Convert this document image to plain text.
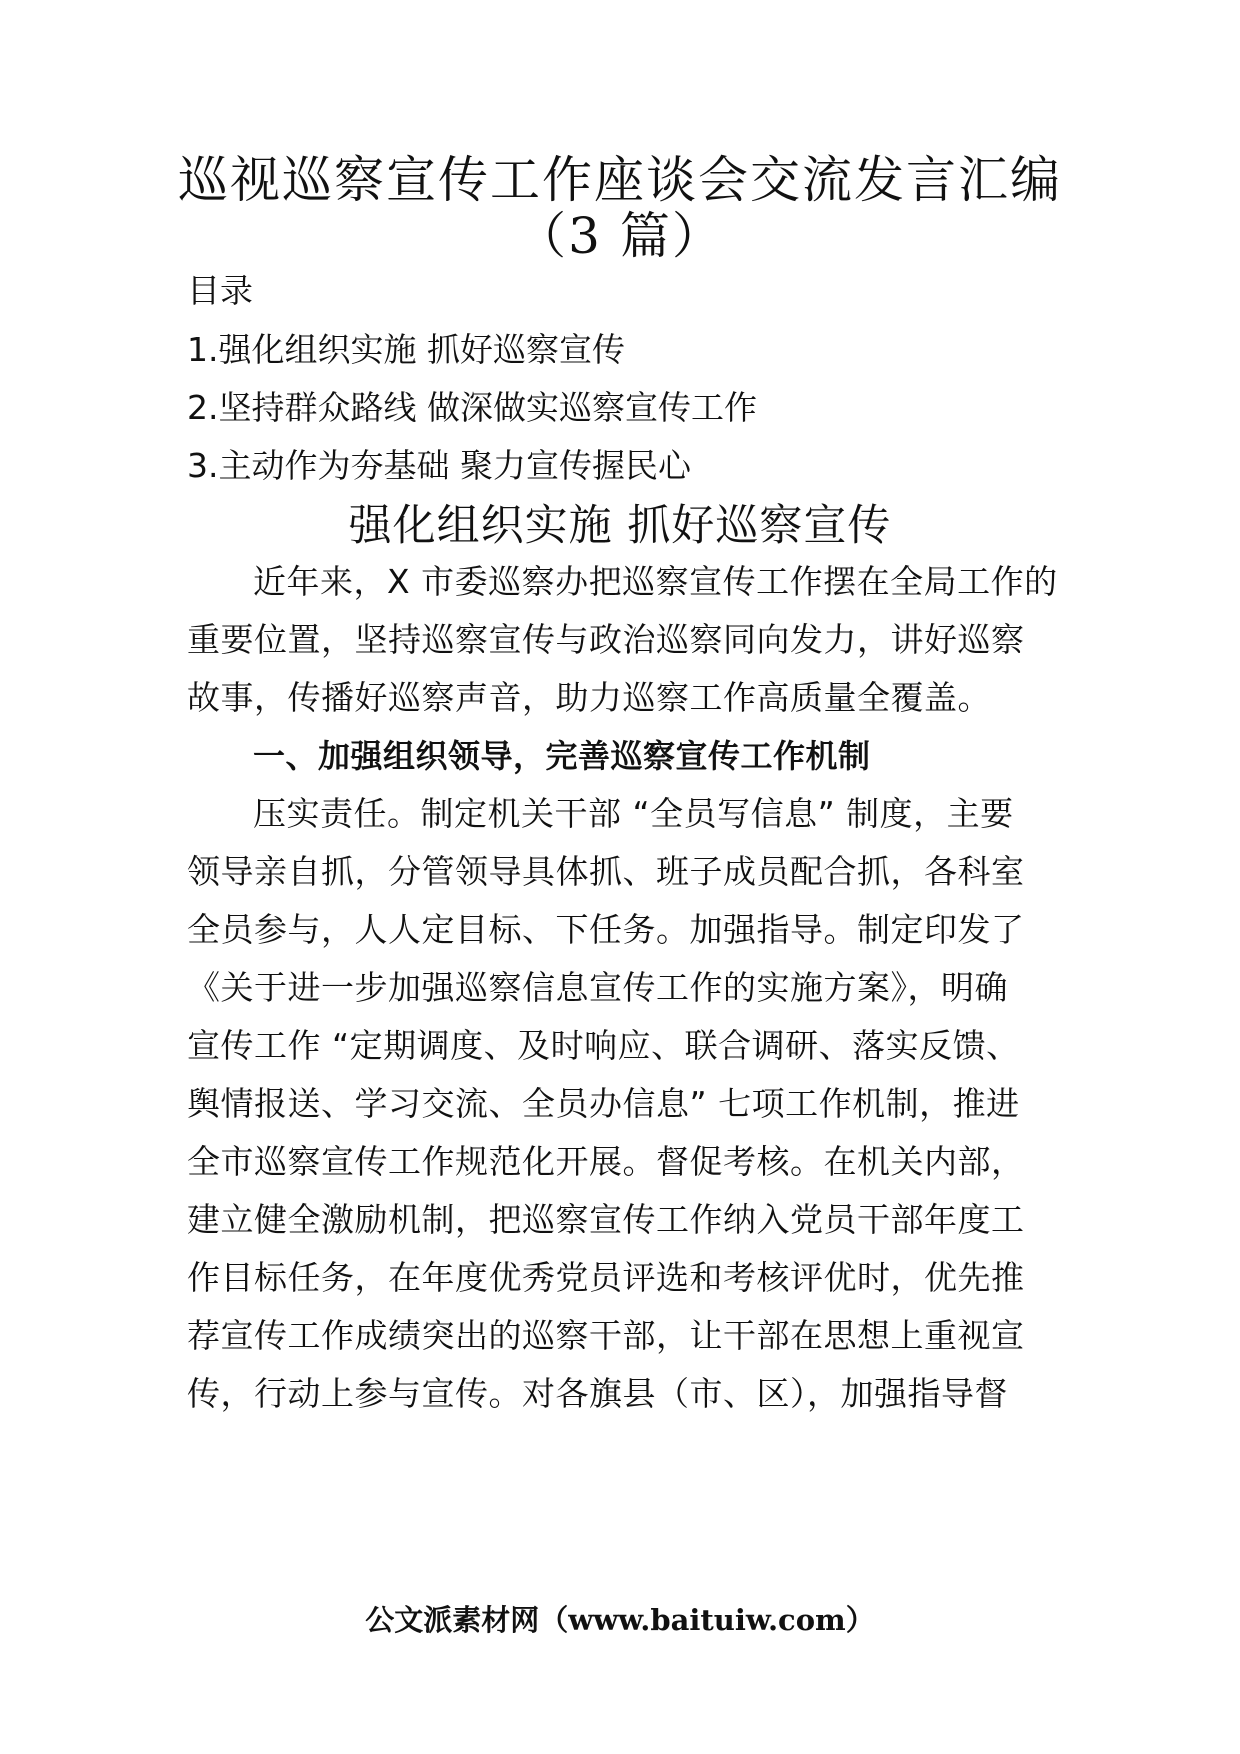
巡视巡察宣传工作座谈会交流发言汇编
（3 篇）
目录
1.强化组织实施 抓好巡察宣传
2.坚持群众路线 做深做实巡察宣传工作
3.主动作为夯基础 聚力宣传握民心
强化组织实施 抓好巡察宣传
近年来，X 市委巡察办把巡察宣传工作摆在全局工作的
重要位置，坚持巡察宣传与政治巡察同向发力，讲好巡察
故事，传播好巡察声音，助力巡察工作高质量全覆盖。
一、加强组织领导，完善巡察宣传工作机制
压实责任。制定机关干部 “全员写信息” 制度，主要
领导亲自抓，分管领导具体抓、班子成员配合抓，各科室
全员参与，人人定目标、下任务。加强指导。制定印发了
《关于进一步加强巡察信息宣传工作的实施方案》，明确
宣传工作 “定期调度、及时响应、联合调研、落实反馈、
舆情报送、学习交流、全员办信息” 七项工作机制，推进
全市巡察宣传工作规范化开展。督促考核。在机关内部，
建立健全激励机制，把巡察宣传工作纳入党员干部年度工
作目标任务，在年度优秀党员评选和考核评优时，优先推
荐宣传工作成绩突出的巡察干部，让干部在思想上重视宣
传，行动上参与宣传。对各旗县（市、区），加强指导督
公文派素材网（www.baituiw.com）
